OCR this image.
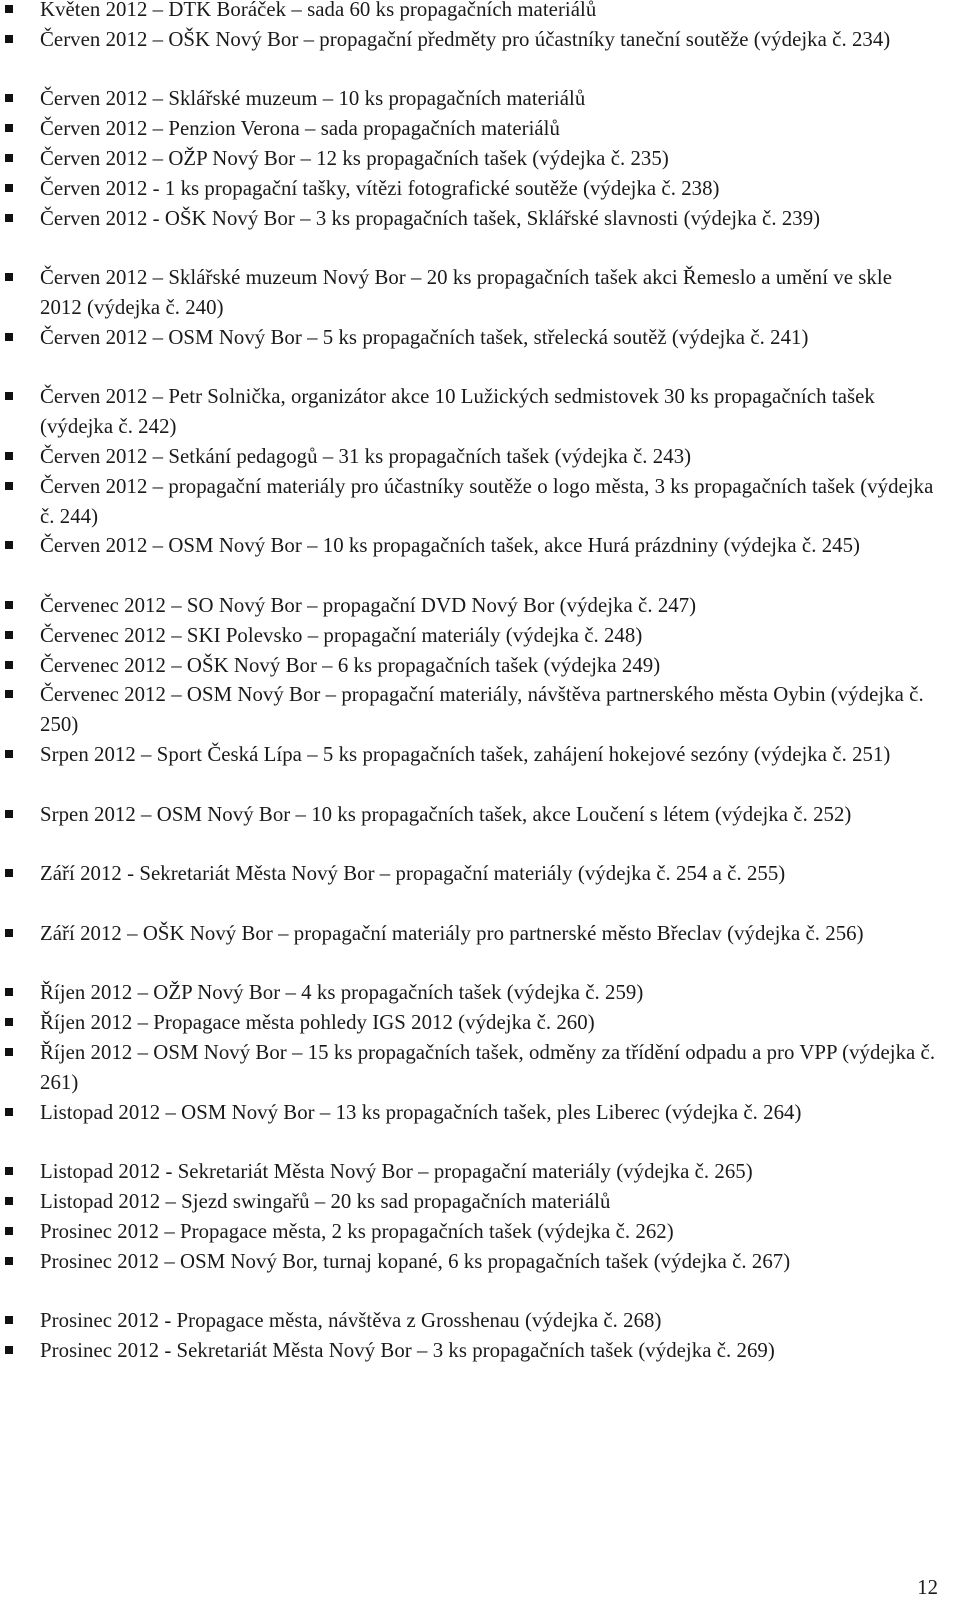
Květen 2012 – DTK Boráček – sada 60 ks propagačních materiálů
Červen 2012 – OŠK Nový Bor – propagační předměty pro účastníky taneční soutěže (výdejka č. 234)
Červen 2012 – Sklářské muzeum – 10 ks propagačních materiálů
Červen 2012 – Penzion Verona – sada propagačních materiálů
Červen 2012 – OŽP Nový Bor – 12 ks propagačních tašek (výdejka č. 235)
Červen 2012 - 1 ks propagační tašky, vítězi fotografické soutěže (výdejka č. 238)
Červen 2012 - OŠK Nový Bor – 3 ks propagačních tašek, Sklářské slavnosti (výdejka č. 239)
Červen 2012 – Sklářské muzeum Nový Bor – 20 ks propagačních tašek akci Řemeslo a umění ve skle 2012 (výdejka č. 240)
Červen 2012 – OSM Nový Bor – 5 ks propagačních tašek, střelecká soutěž (výdejka č. 241)
Červen 2012 – Petr Solnička, organizátor akce 10 Lužických sedmistovek 30 ks propagačních tašek (výdejka č. 242)
Červen 2012 – Setkání pedagogů – 31 ks propagačních tašek (výdejka č. 243)
Červen 2012 – propagační materiály pro účastníky soutěže o logo města, 3 ks propagačních tašek (výdejka č. 244)
Červen 2012 – OSM Nový Bor – 10 ks propagačních tašek, akce Hurá prázdniny (výdejka č. 245)
Červenec 2012 – SO Nový Bor – propagační DVD Nový Bor (výdejka č. 247)
Červenec 2012 – SKI Polevsko – propagační materiály (výdejka č. 248)
Červenec 2012 – OŠK Nový Bor – 6 ks propagačních tašek (výdejka 249)
Červenec 2012 – OSM Nový Bor – propagační materiály, návštěva partnerského města Oybin (výdejka č. 250)
Srpen 2012 – Sport Česká Lípa – 5 ks propagačních tašek, zahájení hokejové sezóny (výdejka č. 251)
Srpen 2012 – OSM Nový Bor – 10 ks propagačních tašek, akce Loučení s létem (výdejka č. 252)
Září 2012 - Sekretariát Města Nový Bor – propagační materiály (výdejka č. 254 a č. 255)
Září 2012 – OŠK Nový Bor – propagační materiály pro partnerské město Břeclav (výdejka č. 256)
Říjen 2012 – OŽP Nový Bor – 4 ks propagačních tašek (výdejka č. 259)
Říjen 2012 – Propagace města pohledy IGS 2012 (výdejka č. 260)
Říjen 2012 – OSM Nový Bor – 15 ks propagačních tašek, odměny za třídění odpadu a pro VPP (výdejka č. 261)
Listopad 2012 – OSM Nový Bor – 13 ks propagačních tašek, ples Liberec (výdejka č. 264)
Listopad 2012 - Sekretariát Města Nový Bor – propagační materiály (výdejka č. 265)
Listopad 2012 – Sjezd swingařů – 20 ks sad propagačních materiálů
Prosinec 2012 – Propagace města, 2 ks propagačních tašek (výdejka č. 262)
Prosinec 2012 – OSM Nový Bor, turnaj kopané, 6 ks propagačních tašek (výdejka č. 267)
Prosinec 2012 - Propagace města, návštěva z Grosshenau (výdejka č. 268)
Prosinec 2012 - Sekretariát Města Nový Bor – 3 ks propagačních tašek (výdejka č. 269)
12
